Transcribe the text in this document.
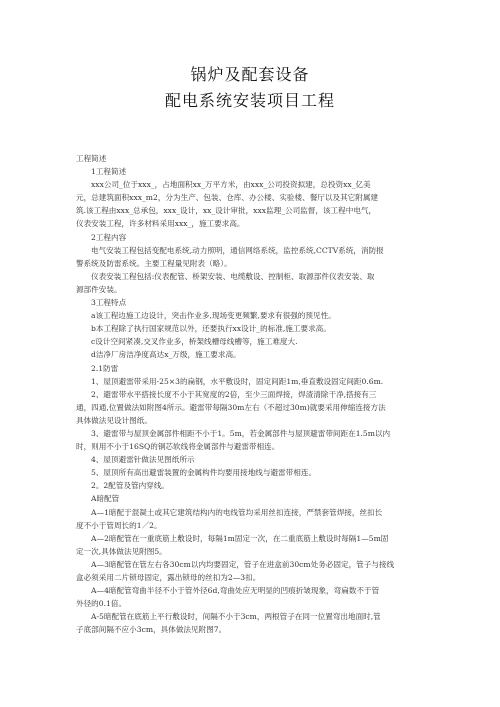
锅炉及配套设备
配电系统安装项目工程

工程简述

1工程简述

xxx公司_位于xxx_，占地面积xx_万平方米，由xxx_公司投资拟建，总投资xx_亿美

元，总建筑面积xxx_m2，分为生产、包装、仓库、办公楼、实验楼、餐厅以及其它附属建

筑.该工程由xxx_总承包，xxx_设计，xx_设计审批，xxx监理_公司监督，该工程中电气，

仪表安装工程，许多材料采用xxx_，施工要求高。

2工程内容

电气安装工程包括变配电系统,动力照明，通信网络系统，监控系统,CCTV系统，消防报

警系统及防雷系统。主要工程量见附表（略）。

仪表安装工程包括:仪表配管、桥架安装、电缆敷设、控制柜、取源部件仪表安装、取

源部件安装。

3工程特点

a该工程边施工边设计，突击作业多,现场变更频繁,要求有很强的预见性。

b本工程除了执行国家规范以外，还要执行xx设计_的标准,施工要求高。

c设计空间紧凑,交叉作业多，桥架线槽母线槽等，施工难度大.

d洁净厂房洁净度高达x_万级，施工要求高。

2.1防雷

1、屋顶避雷带采用-25×3的扁钢，水平敷设时，固定间距1m,垂直敷设固定间距0.6m.

2、避雷带水平搭接长度不小于其宽度的2倍，至少三面焊接，焊渣清除干净,搭接有三

通，四通,位置做法如附图4所示。避雷带每隔30m左右（不超过30m)就要采用伸缩连接方法

具体做法见设计图纸。

3、避雷带与屋顶金属部件相距不小于1。5m，若金属部件与屋顶避雷带间距在1.5m以内

时，则用不小于16SQ的铜芯软线将金属部件与避雷带相连。

4、屋顶避雷针做法见图纸所示

5、屋顶所有高出避雷装置的金属构件均要用接地线与避雷带相连。

2。2配管及管内穿线。

A暗配管

A—1暗配于混凝土或其它建筑结构内的电线管均采用丝扣连接，严禁套管焊接，丝扣长

度不小于管周长的1／2。

A—2暗配管在一重底筋上敷设时，每隔1m固定一次，在二重底筋上敷设时每隔1—5m固

定一次,具体做法见附图5。

A—3暗配管在管左右各30cm以内均要固定，管子在进盒前30cm处务必固定，管子与接线

盒必须采用二片锁母固定，露出锁母的丝扣为2—3扣。

A—4暗配管弯曲半径不小于管外径6d,弯曲处应无明显的凹痕折皱现象，弯扁数不于管

外径的0.1倍。

A-5暗配管在底筋上平行敷设时，间隔不小于3cm，两根管子在同一位置弯出地面时,管

子底部间隔不应小3cm，具体做法见附图7。
